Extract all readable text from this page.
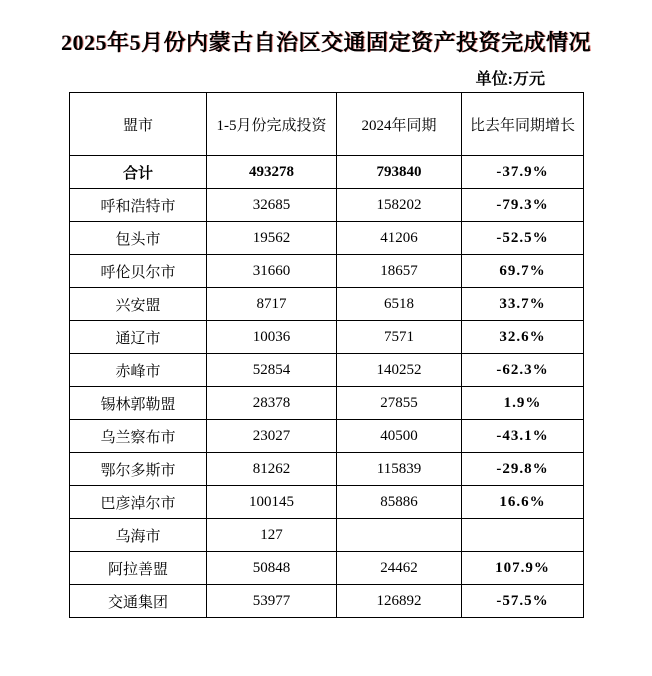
2025年5月份内蒙古自治区交通固定资产投资完成情况
单位:万元
盟市	1-5月份完成投资	2024年同期	比去年同期增长
合计	493278	793840	-37.9%
呼和浩特市	32685	158202	-79.3%
包头市	19562	41206	-52.5%
呼伦贝尔市	31660	18657	69.7%
兴安盟	8717	6518	33.7%
通辽市	10036	7571	32.6%
赤峰市	52854	140252	-62.3%
锡林郭勒盟	28378	27855	1.9%
乌兰察布市	23027	40500	-43.1%
鄂尔多斯市	81262	115839	-29.8%
巴彦淖尔市	100145	85886	16.6%
乌海市	127		
阿拉善盟	50848	24462	107.9%
交通集团	53977	126892	-57.5%
